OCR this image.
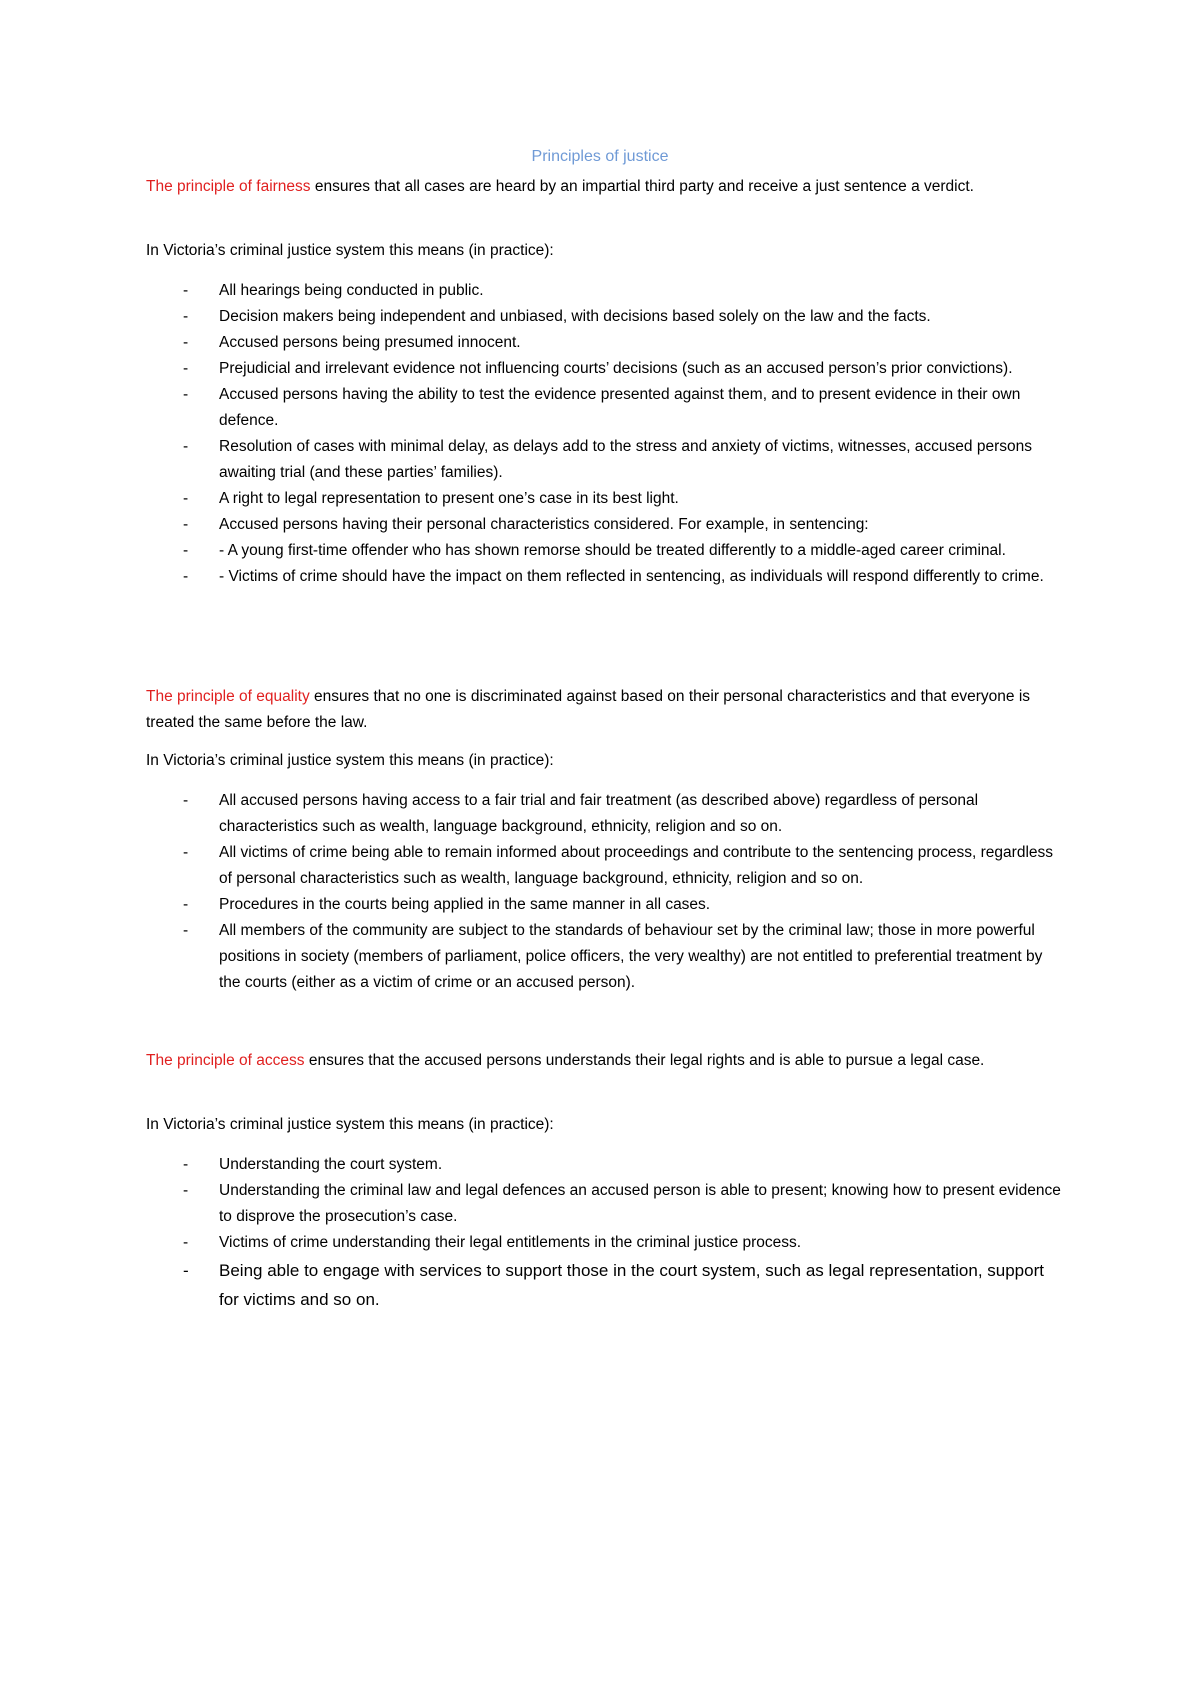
Principles of justice

The principle of fairness ensures that all cases are heard by an impartial third party and receive a just sentence a verdict.

In Victoria’s criminal justice system this means (in practice):

- All hearings being conducted in public.
- Decision makers being independent and unbiased, with decisions based solely on the law and the facts.
- Accused persons being presumed innocent.
- Prejudicial and irrelevant evidence not influencing courts’ decisions (such as an accused person’s prior convictions).
- Accused persons having the ability to test the evidence presented against them, and to present evidence in their own defence.
- Resolution of cases with minimal delay, as delays add to the stress and anxiety of victims, witnesses, accused persons awaiting trial (and these parties’ families).
- A right to legal representation to present one’s case in its best light.
- Accused persons having their personal characteristics considered. For example, in sentencing:
- - A young first-time offender who has shown remorse should be treated differently to a middle-aged career criminal.
- - Victims of crime should have the impact on them reflected in sentencing, as individuals will respond differently to crime.

The principle of equality ensures that no one is discriminated against based on their personal characteristics and that everyone is treated the same before the law.

In Victoria’s criminal justice system this means (in practice):

- All accused persons having access to a fair trial and fair treatment (as described above) regardless of personal characteristics such as wealth, language background, ethnicity, religion and so on.
- All victims of crime being able to remain informed about proceedings and contribute to the sentencing process, regardless of personal characteristics such as wealth, language background, ethnicity, religion and so on.
- Procedures in the courts being applied in the same manner in all cases.
- All members of the community are subject to the standards of behaviour set by the criminal law; those in more powerful positions in society (members of parliament, police officers, the very wealthy) are not entitled to preferential treatment by the courts (either as a victim of crime or an accused person).

The principle of access ensures that the accused persons understands their legal rights and is able to pursue a legal case.

In Victoria’s criminal justice system this means (in practice):

- Understanding the court system.
- Understanding the criminal law and legal defences an accused person is able to present; knowing how to present evidence to disprove the prosecution’s case.
- Victims of crime understanding their legal entitlements in the criminal justice process.
- Being able to engage with services to support those in the court system, such as legal representation, support for victims and so on.
